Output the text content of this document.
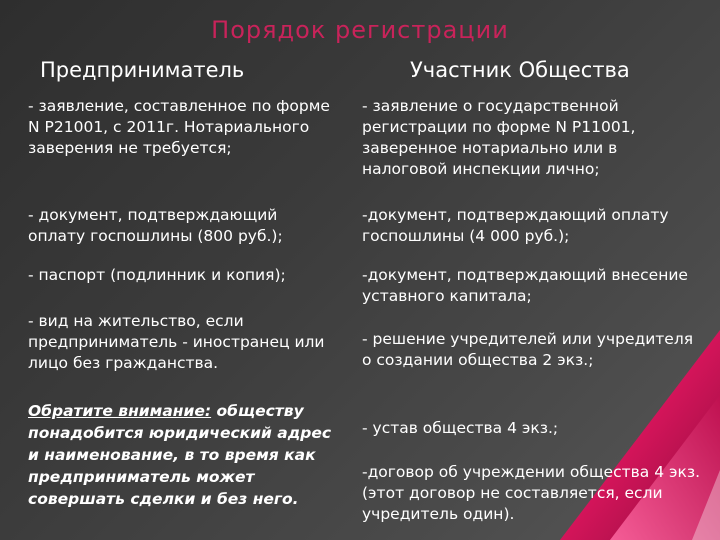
Порядок регистрации
Предприниматель	Участник Общества
- заявление, составленное по форме N Р21001, с 2011г. Нотариального заверения не требуется;
- документ, подтверждающий оплату госпошлины (800 руб.);
- паспорт (подлинник и копия);
- вид на жительство, если предприниматель - иностранец или лицо без гражданства.
Обратите внимание: обществу понадобится юридический адрес и наименование, в то время как предприниматель может совершать сделки и без него.
- заявление о государственной регистрации по форме N Р11001, заверенное нотариально или в налоговой инспекции лично;
-документ, подтверждающий оплату госпошлины (4 000 руб.);
-документ, подтверждающий внесение уставного капитала;
- решение учредителей или учредителя о создании общества 2 экз.;
- устав общества 4 экз.;
-договор об учреждении общества 4 экз. (этот договор не составляется, если учредитель один).
